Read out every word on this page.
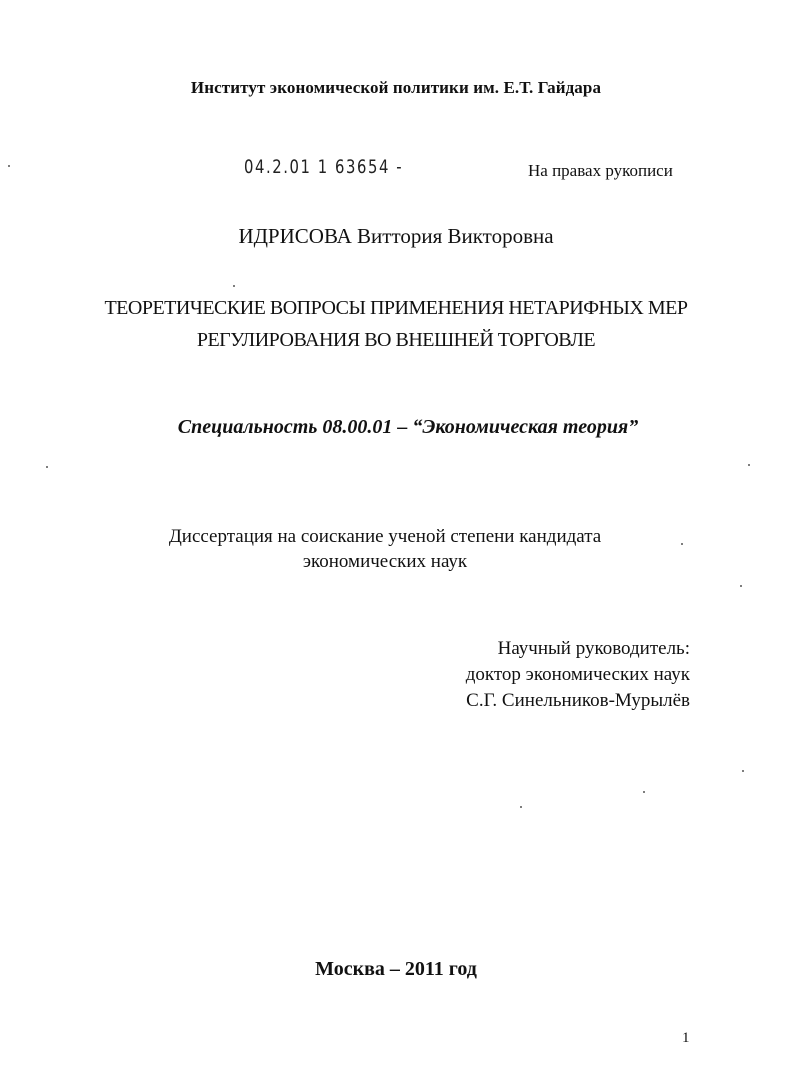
Институт экономической политики им. Е.Т. Гайдара
04.2.01 1 63654 -	На правах рукописи
ИДРИСОВА Виттория Викторовна
ТЕОРЕТИЧЕСКИЕ ВОПРОСЫ ПРИМЕНЕНИЯ НЕТАРИФНЫХ МЕР
РЕГУЛИРОВАНИЯ ВО ВНЕШНЕЙ ТОРГОВЛЕ
Специальность 08.00.01 – “Экономическая теория”
Диссертация на соискание ученой степени кандидата
экономических наук
Научный руководитель:
доктор экономических наук
С.Г. Синельников-Мурылёв
Москва – 2011 год
1
